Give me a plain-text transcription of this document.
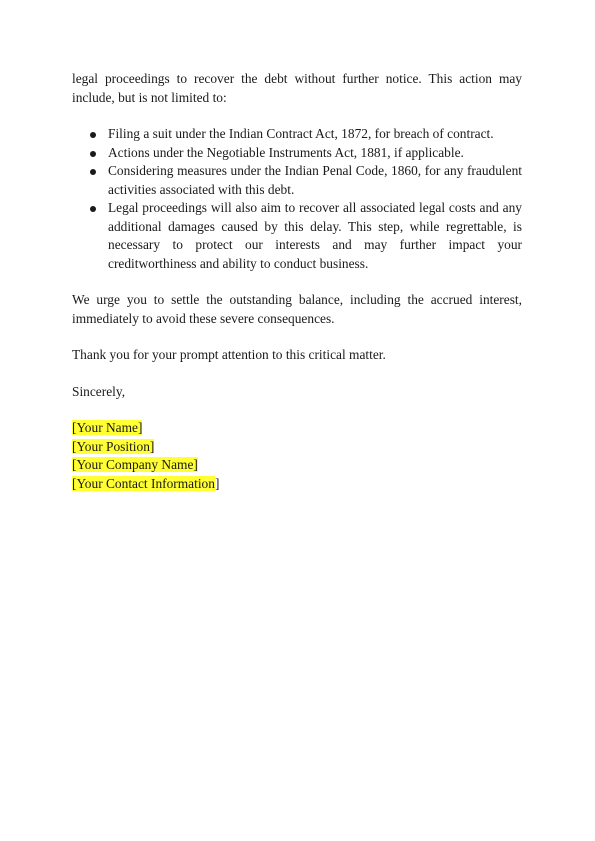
legal proceedings to recover the debt without further notice. This action may include, but is not limited to:

Filing a suit under the Indian Contract Act, 1872, for breach of contract.
Actions under the Negotiable Instruments Act, 1881, if applicable.
Considering measures under the Indian Penal Code, 1860, for any fraudulent activities associated with this debt.
Legal proceedings will also aim to recover all associated legal costs and any additional damages caused by this delay. This step, while regrettable, is necessary to protect our interests and may further impact your creditworthiness and ability to conduct business.

We urge you to settle the outstanding balance, including the accrued interest, immediately to avoid these severe consequences.

Thank you for your prompt attention to this critical matter.

Sincerely,

[Your Name]
[Your Position]
[Your Company Name]
[Your Contact Information]
